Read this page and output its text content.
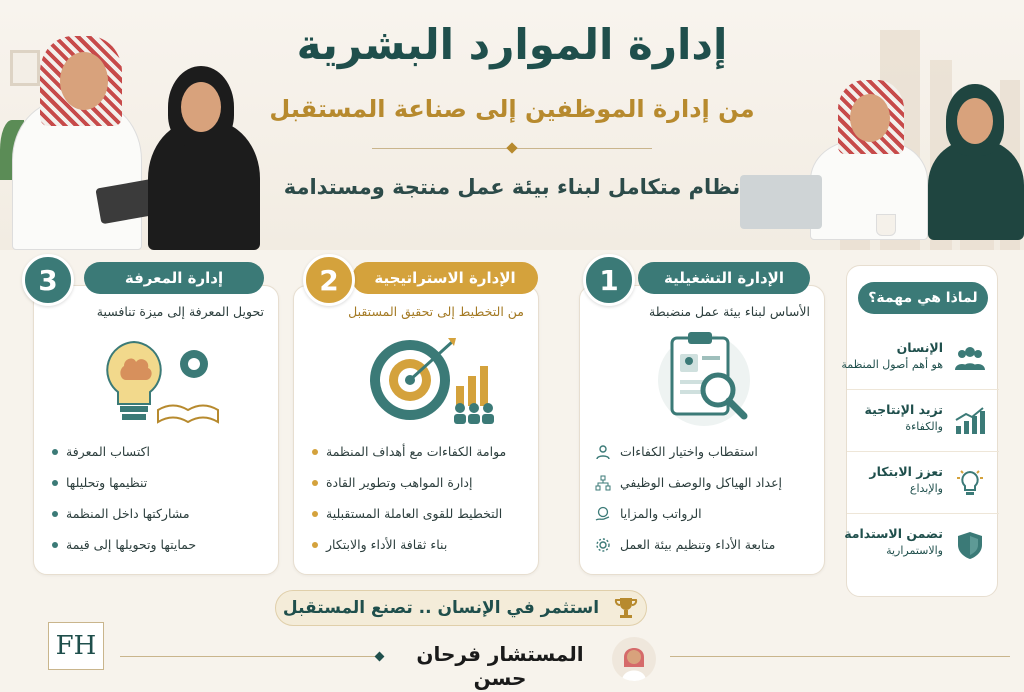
إدارة الموارد البشرية
من إدارة الموظفين إلى صناعة المستقبل
نظام متكامل لبناء بيئة عمل منتجة ومستدامة
الأساس لبناء بيئة عمل منضبطة
استقطاب واختيار الكفاءات
إعداد الهياكل والوصف الوظيفي
الرواتب والمزايا
متابعة الأداء وتنظيم بيئة العمل
الإدارة التشغيلية
1
من التخطيط إلى تحقيق المستقبل
موامة الكفاءات مع أهداف المنظمة
إدارة المواهب وتطوير القادة
التخطيط للقوى العاملة المستقبلية
بناء ثقافة الأداء والابتكار
الإدارة الاستراتيجية
2
تحويل المعرفة إلى ميزة تنافسية
اكتساب المعرفة
تنظيمها وتحليلها
مشاركتها داخل المنظمة
حمايتها وتحويلها إلى قيمة
إدارة المعرفة
3
لماذا هي مهمة؟
الإنسان
هو أهم أصول المنظمة
تزيد الإنتاجية
والكفاءة
تعزز الابتكار
والإبداع
تضمن الاستدامة
والاستمرارية
استثمر في الإنسان .. تصنع المستقبل
FH	المستشار فرحان حسن
